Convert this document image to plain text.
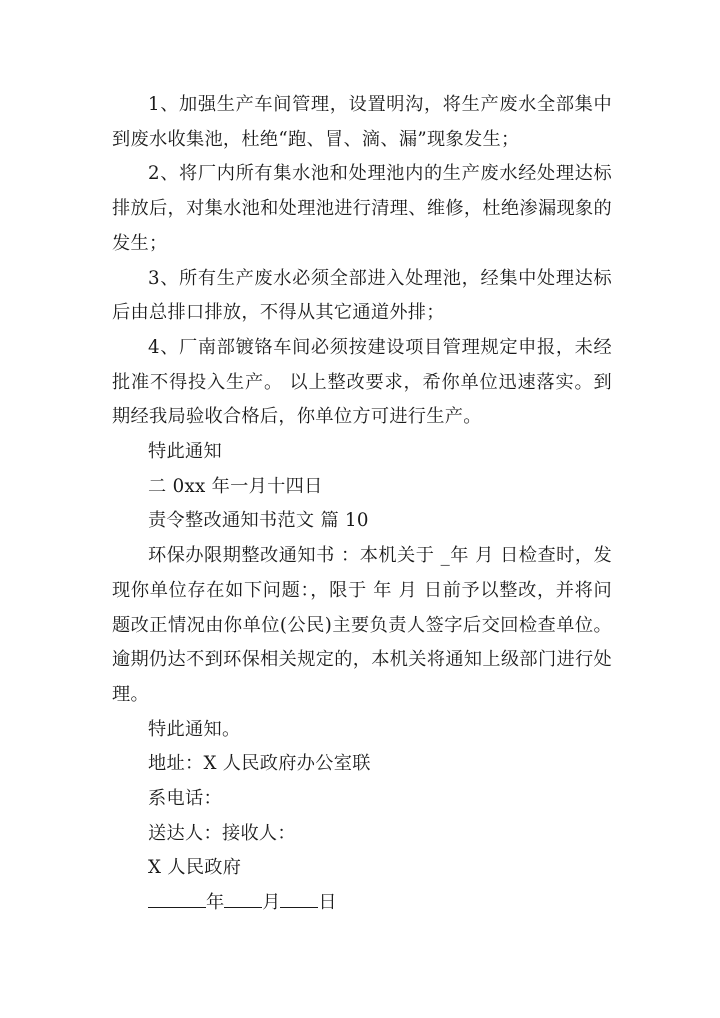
1、加强生产车间管理，设置明沟，将生产废水全部集中到废水收集池，杜绝“跑、冒、滴、漏”现象发生；

2、将厂内所有集水池和处理池内的生产废水经处理达标排放后，对集水池和处理池进行清理、维修，杜绝渗漏现象的发生；

3、所有生产废水必须全部进入处理池，经集中处理达标后由总排口排放，不得从其它通道外排；

4、厂南部镀铬车间必须按建设项目管理规定申报，未经批准不得投入生产。 以上整改要求，希你单位迅速落实。到期经我局验收合格后，你单位方可进行生产。

特此通知

二 0xx 年一月十四日

责令整改通知书范文 篇 10

环保办限期整改通知书 ：本机关于 _年 月 日检查时，发现你单位存在如下问题：，限于 年 月 日前予以整改，并将问题改正情况由你单位(公民)主要负责人签字后交回检查单位。逾期仍达不到环保相关规定的，本机关将通知上级部门进行处理。

特此通知。

地址：X 人民政府办公室联

系电话：

送达人：接收人：

X 人民政府

年 月 日
